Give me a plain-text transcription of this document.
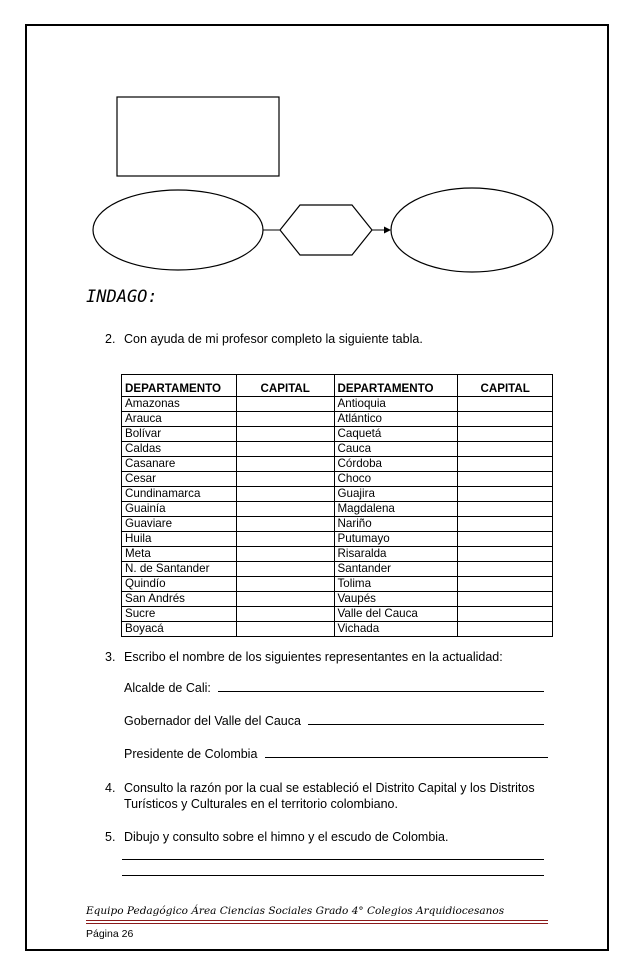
INDAGO:
2. Con ayuda de mi profesor completo la siguiente tabla.
DEPARTAMENTO	CAPITAL	DEPARTAMENTO	CAPITAL
Amazonas		Antioquia	
Arauca		Atlántico	
Bolívar		Caquetá	
Caldas		Cauca	
Casanare		Córdoba	
Cesar		Choco	
Cundinamarca		Guajira	
Guainía		Magdalena	
Guaviare		Nariño	
Huila		Putumayo	
Meta		Risaralda	
N. de Santander		Santander	
Quindío		Tolima	
San Andrés		Vaupés	
Sucre		Valle del Cauca	
Boyacá		Vichada	
3. Escribo el nombre de los siguientes representantes en la actualidad:
Alcalde de Cali:
Gobernador del Valle del Cauca
Presidente de Colombia
4. Consulto la razón por la cual se estableció el Distrito Capital y los Distritos
Turísticos y Culturales en el territorio colombiano.
5. Dibujo y consulto sobre el himno y el escudo de Colombia.
Equipo Pedagógico Área Ciencias Sociales Grado 4° Colegios Arquidiocesanos
Página 26
